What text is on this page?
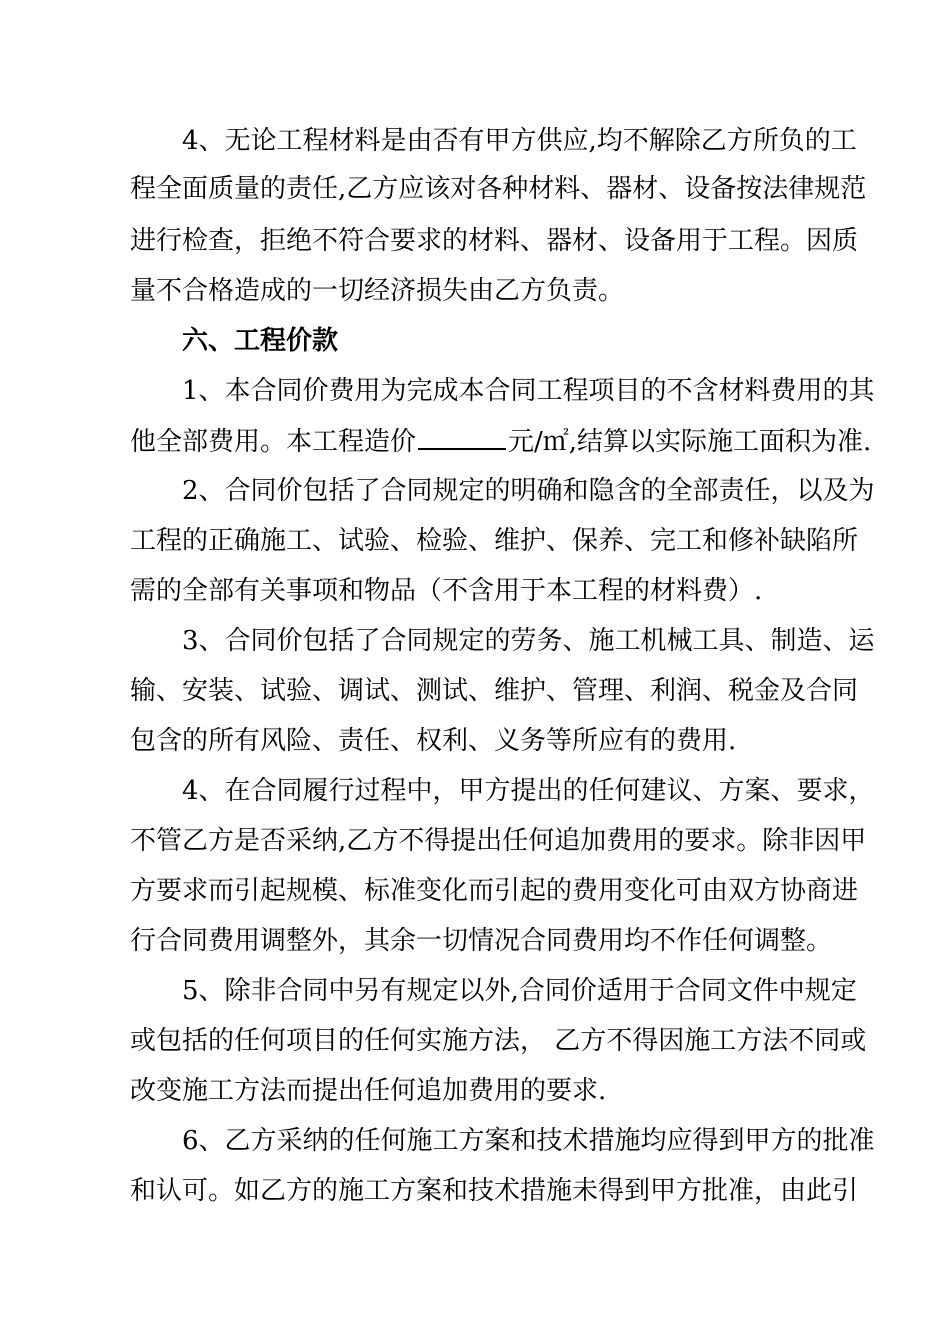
4、无论工程材料是由否有甲方供应,均不解除乙方所负的工
程全面质量的责任,乙方应该对各种材料、器材、设备按法律规范
进行检查，拒绝不符合要求的材料、器材、设备用于工程。因质
量不合格造成的一切经济损失由乙方负责。
六、工程价款
1、本合同价费用为完成本合同工程项目的不含材料费用的其
他全部费用。本工程造价	元/㎡,结算以实际施工面积为准.
2、合同价包括了合同规定的明确和隐含的全部责任，以及为
工程的正确施工、试验、检验、维护、保养、完工和修补缺陷所
需的全部有关事项和物品（不含用于本工程的材料费）.
3、合同价包括了合同规定的劳务、施工机械工具、制造、运
输、安装、试验、调试、测试、维护、管理、利润、税金及合同
包含的所有风险、责任、权利、义务等所应有的费用.
4、在合同履行过程中，甲方提出的任何建议、方案、要求，
不管乙方是否采纳,乙方不得提出任何追加费用的要求。除非因甲
方要求而引起规模、标准变化而引起的费用变化可由双方协商进
行合同费用调整外，其余一切情况合同费用均不作任何调整。
5、除非合同中另有规定以外,合同价适用于合同文件中规定
或包括的任何项目的任何实施方法， 乙方不得因施工方法不同或
改变施工方法而提出任何追加费用的要求.
6、乙方采纳的任何施工方案和技术措施均应得到甲方的批准
和认可。如乙方的施工方案和技术措施未得到甲方批准，由此引
